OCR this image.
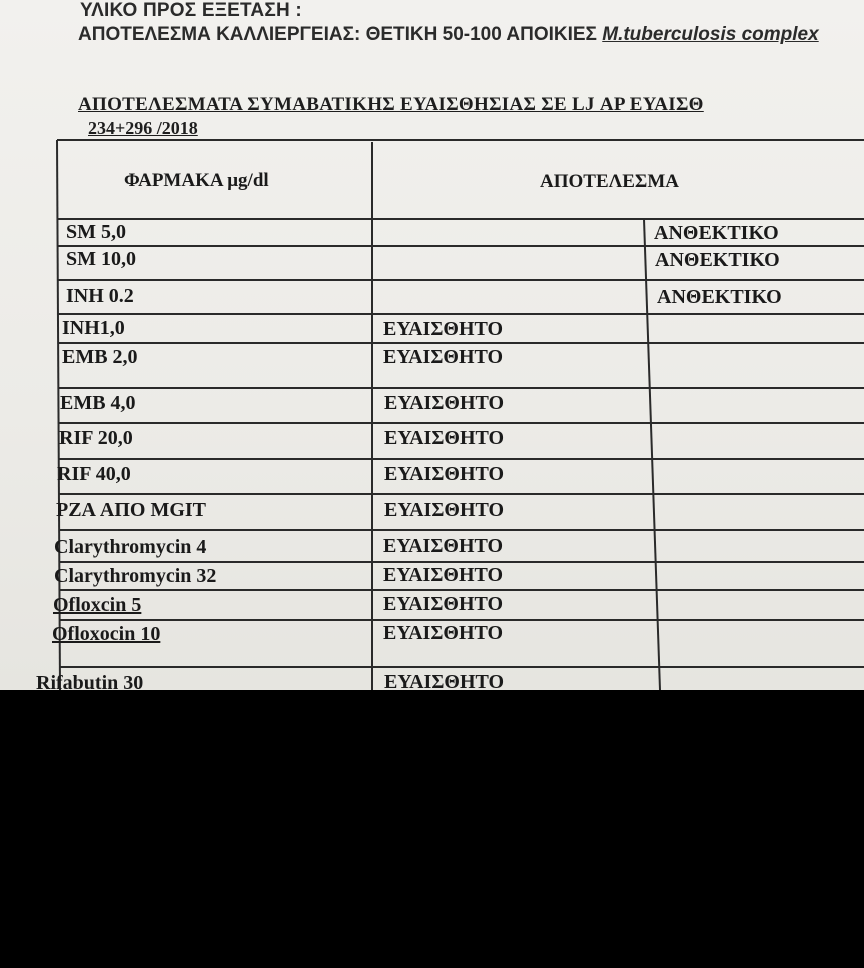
ΥΛΙΚΟ ΠΡΟΣ ΕΞΕΤΑΣΗ :
ΑΠΟΤΕΛΕΣΜΑ ΚΑΛΛΙΕΡΓΕΙΑΣ: ΘΕΤΙΚΗ 50-100 ΑΠΟΙΚΙΕΣ M.tuberculosis complex
ΑΠΟΤΕΛΕΣΜΑΤΑ ΣΥΜΑΒΑΤΙΚΗΣ ΕΥΑΙΣΘΗΣΙΑΣ ΣΕ LJ ΑΡ ΕΥΑΙΣΘ
234+296 /2018
ΦΑΡΜΑΚΑ μg/dl	ΑΠΟΤΕΛΕΣΜΑ
SM 5,0	ΑΝΘΕΚΤΙΚΟ
SM 10,0	ΑΝΘΕΚΤΙΚΟ
INH 0.2	ΑΝΘΕΚΤΙΚΟ
INH1,0	ΕΥΑΙΣΘΗΤΟ
EMB 2,0	ΕΥΑΙΣΘΗΤΟ
EMB 4,0	ΕΥΑΙΣΘΗΤΟ
RIF 20,0	ΕΥΑΙΣΘΗΤΟ
RIF 40,0	ΕΥΑΙΣΘΗΤΟ
PZA ΑΠΟ MGIT	ΕΥΑΙΣΘΗΤΟ
Clarythromycin 4	ΕΥΑΙΣΘΗΤΟ
Clarythromycin 32	ΕΥΑΙΣΘΗΤΟ
Ofloxcin 5	ΕΥΑΙΣΘΗΤΟ
Ofloxocin 10	ΕΥΑΙΣΘΗΤΟ
Rifabutin 30	ΕΥΑΙΣΘΗΤΟ
